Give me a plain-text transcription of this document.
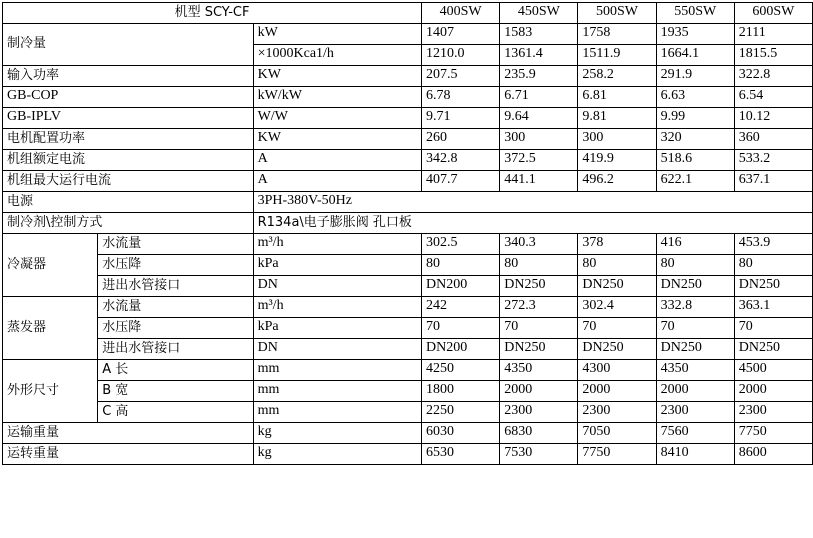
机型 SCY-CF			400SW	450SW	500SW	550SW	600SW
制冷量		kW	1407	1583	1758	1935	2111
		×1000Kca1/h	1210.0	1361.4	1511.9	1664.1	1815.5
输入功率		KW	207.5	235.9	258.2	291.9	322.8
GB-COP		kW/kW	6.78	6.71	6.81	6.63	6.54
GB-IPLV		W/W	9.71	9.64	9.81	9.99	10.12
电机配置功率		KW	260	300	300	320	360
机组额定电流		A	342.8	372.5	419.9	518.6	533.2
机组最大运行电流		A	407.7	441.1	496.2	622.1	637.1
电源		3PH-380V-50Hz					
制冷剂\控制方式		R134a\电子膨胀阀 孔口板					
冷凝器	水流量	m³/h	302.5	340.3	378	416	453.9
	水压降	kPa	80	80	80	80	80
	进出水管接口	DN	DN200	DN250	DN250	DN250	DN250
蒸发器	水流量	m³/h	242	272.3	302.4	332.8	363.1
	水压降	kPa	70	70	70	70	70
	进出水管接口	DN	DN200	DN250	DN250	DN250	DN250
外形尺寸	A 长	mm	4250	4350	4300	4350	4500
	B 宽	mm	1800	2000	2000	2000	2000
	C 高	mm	2250	2300	2300	2300	2300
运输重量		kg	6030	6830	7050	7560	7750
运转重量		kg	6530	7530	7750	8410	8600
